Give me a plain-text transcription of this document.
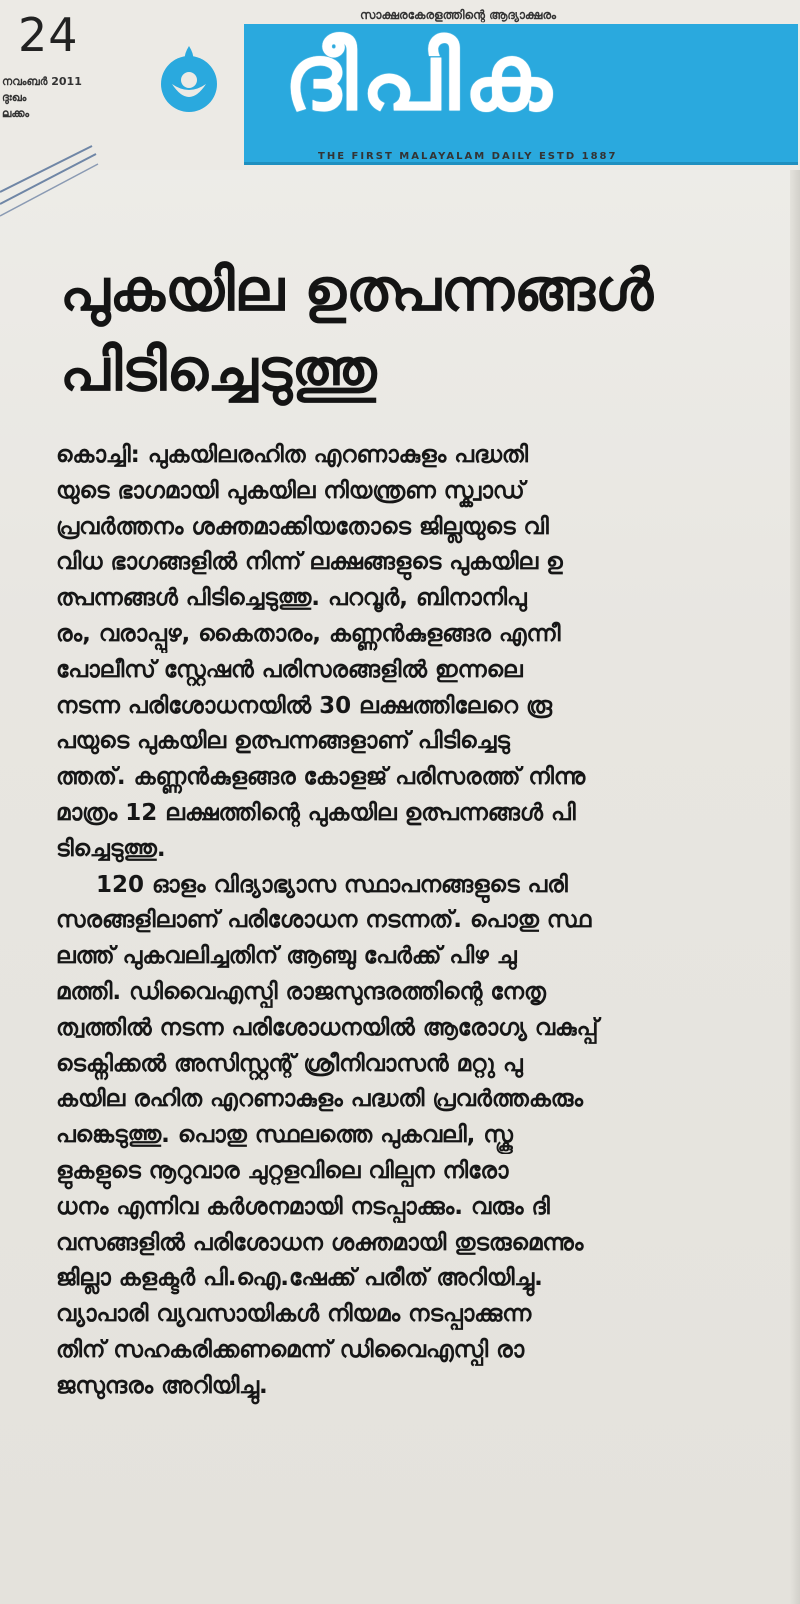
24
നവംബർ 2011
ദുഃഖം
ലക്കം
സാക്ഷരകേരളത്തിന്റെ ആദ്യാക്ഷരം
ദീപിക
THE FIRST MALAYALAM DAILY ESTD 1887
പുകയില ഉത്പന്നങ്ങൾ
പിടിച്ചെടുത്തു
കൊച്ചി: പുകയിലരഹിത എറണാകുളം പദ്ധതി
യുടെ ഭാഗമായി പുകയില നിയന്ത്രണ സ്ക്വാഡ്
പ്രവർത്തനം ശക്തമാക്കിയതോടെ ജില്ലയുടെ വി
വിധ ഭാഗങ്ങളിൽ നിന്ന് ലക്ഷങ്ങളുടെ പുകയില ഉ
ത്പന്നങ്ങൾ പിടിച്ചെടുത്തു. പറവൂർ, ബിനാനിപു
രം, വരാപ്പുഴ, കൈതാരം, കണ്ണൻകുളങ്ങര എന്നീ
പോലീസ് സ്റ്റേഷൻ പരിസരങ്ങളിൽ ഇന്നലെ
നടന്ന പരിശോധനയിൽ 30 ലക്ഷത്തിലേറെ രൂ
പയുടെ പുകയില ഉത്പന്നങ്ങളാണ് പിടിച്ചെടു
ത്തത്. കണ്ണൻകുളങ്ങര കോളജ് പരിസരത്ത് നിന്നു
മാത്രം 12 ലക്ഷത്തിന്റെ പുകയില ഉത്പന്നങ്ങൾ പി
ടിച്ചെടുത്തു.
120 ഓളം വിദ്യാഭ്യാസ സ്ഥാപനങ്ങളുടെ പരി
സരങ്ങളിലാണ് പരിശോധന നടന്നത്. പൊതു സ്ഥ
ലത്ത് പുകവലിച്ചതിന് ആഞ്ചു പേർക്ക് പിഴ ചു
മത്തി. ഡിവൈഎസ്പി രാജസുന്ദരത്തിന്റെ നേതൃ
ത്വത്തിൽ നടന്ന പരിശോധനയിൽ ആരോഗ്യ വകുപ്പ്
ടെക്നിക്കൽ അസിസ്റ്റന്റ് ശ്രീനിവാസൻ മറ്റു പു
കയില രഹിത എറണാകുളം പദ്ധതി പ്രവർത്തകരും
പങ്കെടുത്തു. പൊതു സ്ഥലത്തെ പുകവലി, സ്കൂ
ളുകളുടെ നൂറുവാര ചുറ്റളവിലെ വില്പന നിരോ
ധനം എന്നിവ കർശനമായി നടപ്പാക്കും. വരും ദി
വസങ്ങളിൽ പരിശോധന ശക്തമായി തുടരുമെന്നും
ജില്ലാ കളക്ടർ പി.ഐ.ഷേക്ക് പരീത് അറിയിച്ചു.
വ്യാപാരി വ്യവസായികൾ നിയമം നടപ്പാക്കുന്ന
തിന് സഹകരിക്കണമെന്ന് ഡിവൈഎസ്പി രാ
ജസുന്ദരം അറിയിച്ചു.
